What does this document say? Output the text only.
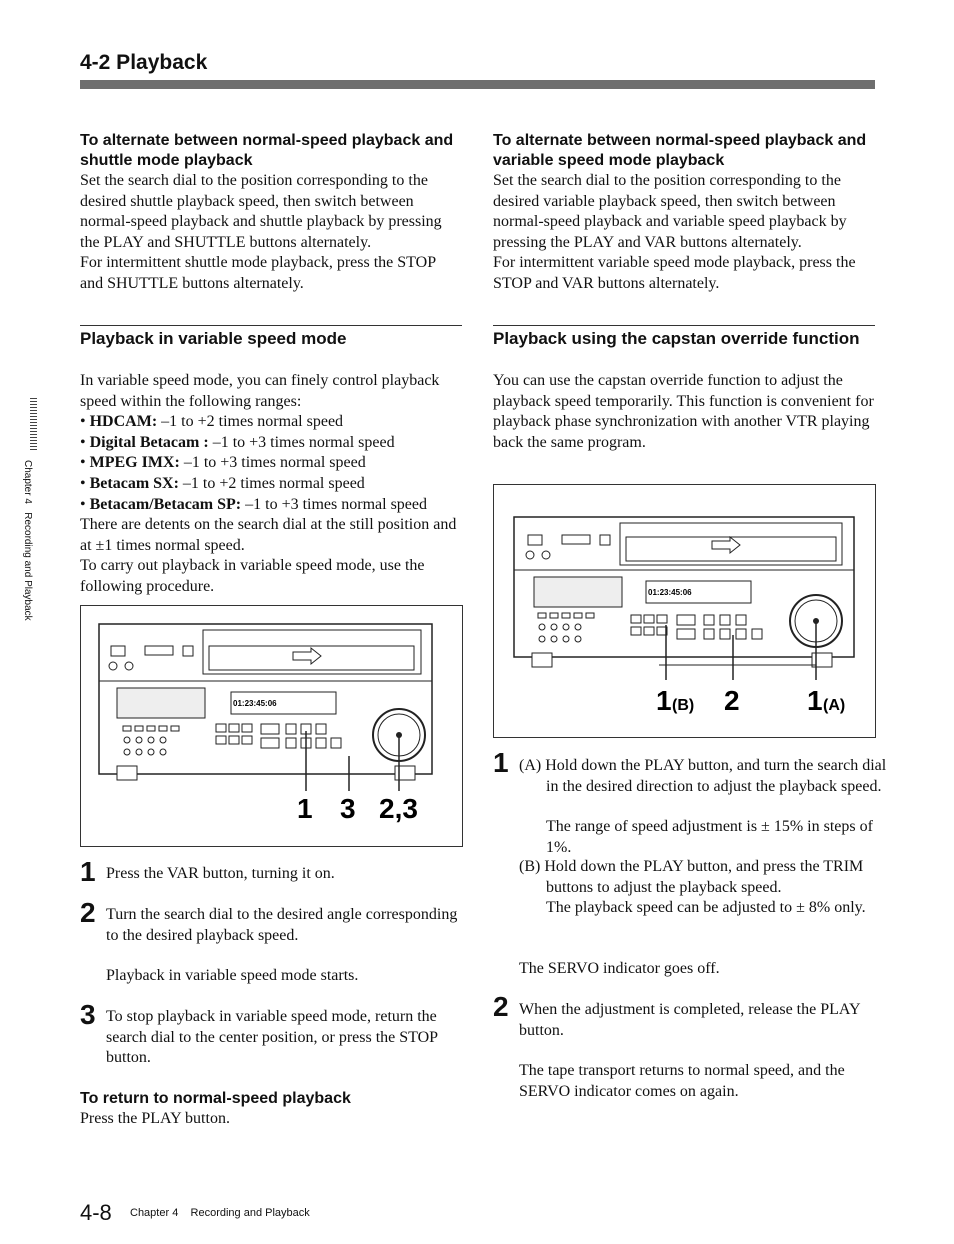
4-2 Playback
Chapter 4   Recording and Playback
To alternate between normal-speed playback and shuttle mode playback

Set the search dial to the position corresponding to the desired shuttle playback speed, then switch between normal-speed playback and shuttle playback by pressing the PLAY and SHUTTLE buttons alternately.

For intermittent shuttle mode playback, press the STOP and SHUTTLE buttons alternately.

Playback in variable speed mode

In variable speed mode, you can finely control playback speed within the following ranges:

• HDCAM: –1 to +2 times normal speed
• Digital Betacam : –1 to +3 times normal speed
• MPEG IMX: –1 to +3 times normal speed
• Betacam SX: –1 to +2 times normal speed
• Betacam/Betacam SP: –1 to +3 times normal speed

There are detents on the search dial at the still position and at ±1 times normal speed.

To carry out playback in variable speed mode, use the following procedure.

01:23:45:06
1 3 2,3
1 Press the VAR button, turning it on.
2 Turn the search dial to the desired angle corresponding to the desired playback speed.
Playback in variable speed mode starts.
3 To stop playback in variable speed mode, return the search dial to the center position, or press the STOP button.
To return to normal-speed playback

Press the PLAY button.

To alternate between normal-speed playback and variable speed mode playback

Set the search dial to the position corresponding to the desired variable playback speed, then switch between normal-speed playback and variable speed playback by pressing the PLAY and VAR buttons alternately.

For intermittent variable speed mode playback, press the STOP and VAR buttons alternately.

Playback using the capstan override function

You can use the capstan override function to adjust the playback speed temporarily. This function is convenient for playback phase synchronization with another VTR playing back the same program.

01:23:45:06
1 (B) 2 1 (A)
1 (A) Hold down the PLAY button, and turn the search dial in the desired direction to adjust the playback speed.
The range of speed adjustment is ± 15% in steps of 1%.
(B) Hold down the PLAY button, and press the TRIM buttons to adjust the playback speed.
The playback speed can be adjusted to ± 8% only.
The SERVO indicator goes off.
2 When the adjustment is completed, release the PLAY button.
The tape transport returns to normal speed, and the SERVO indicator comes on again.
4-8 Chapter 4    Recording and Playback
